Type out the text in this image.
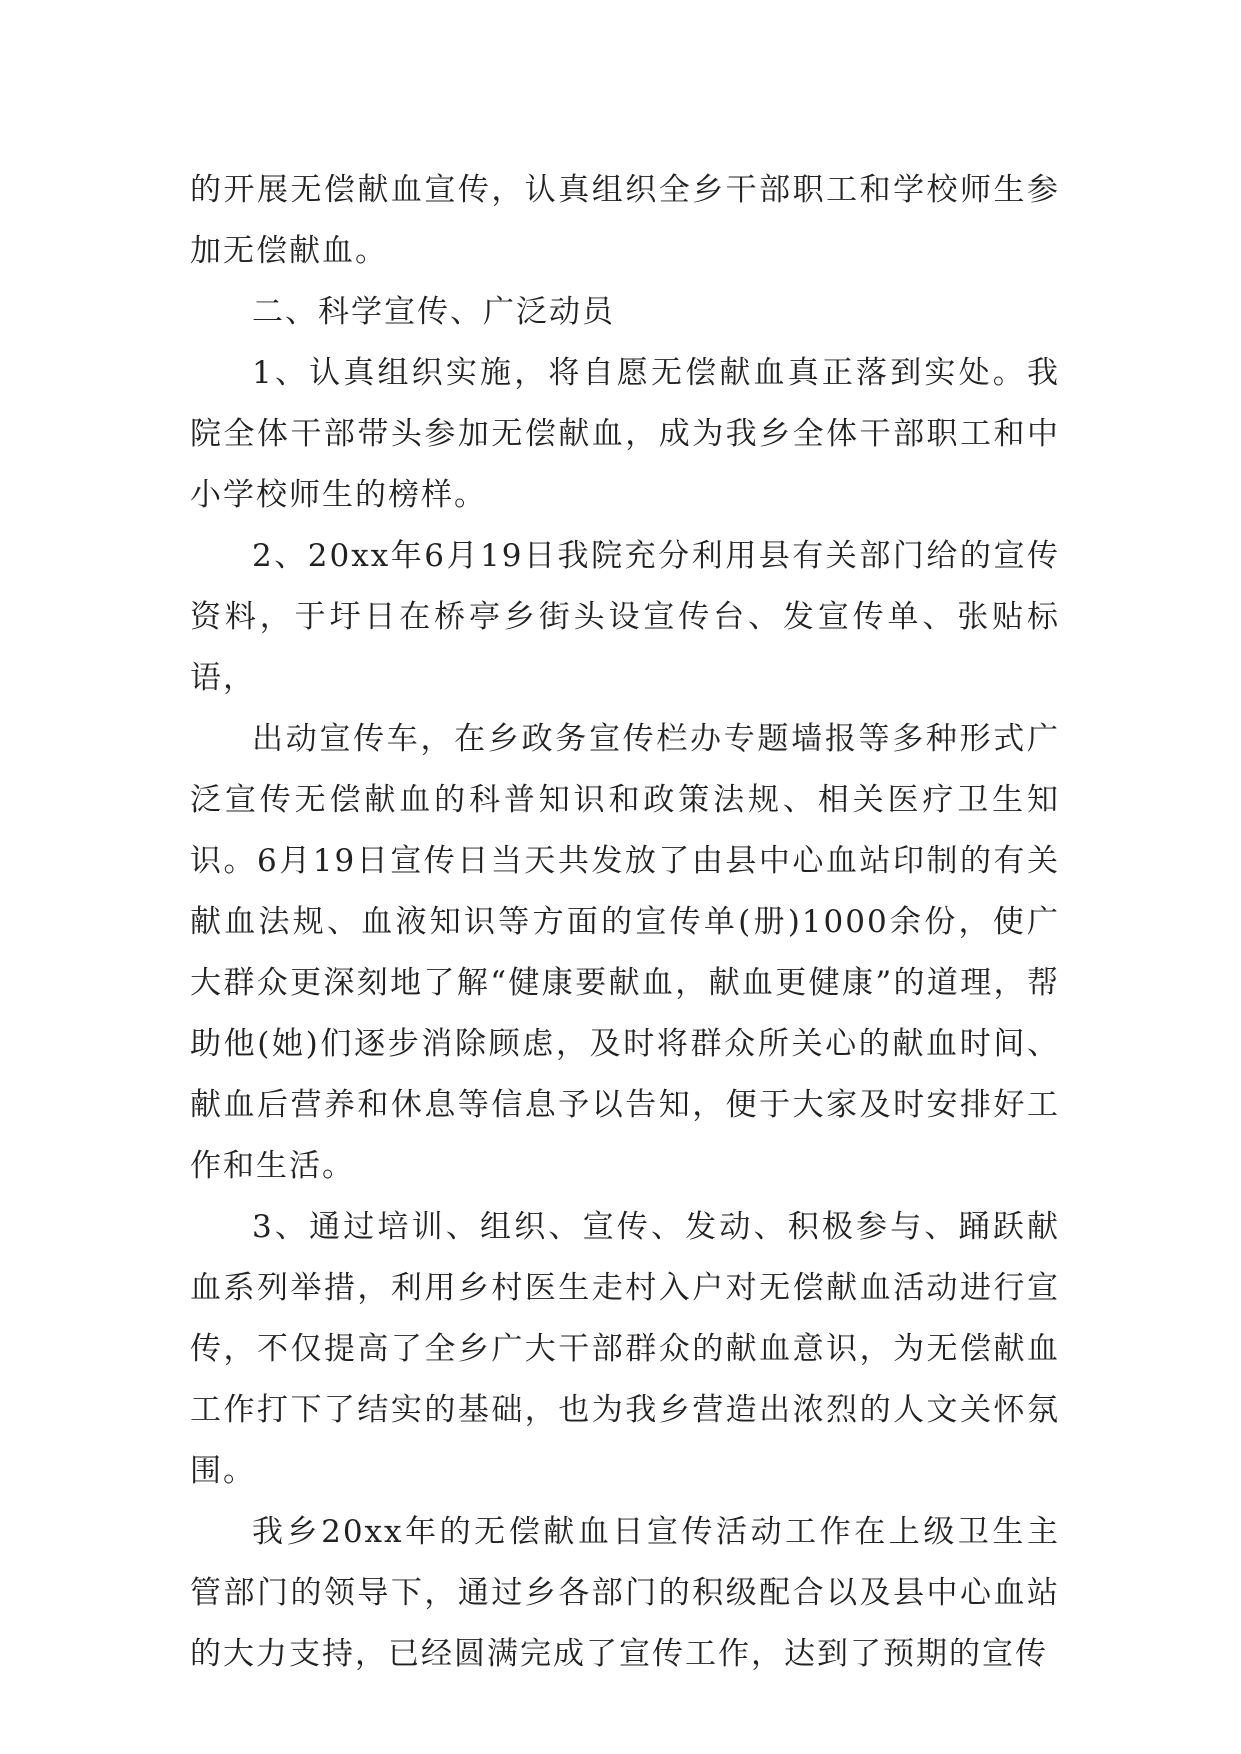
的开展无偿献血宣传，认真组织全乡干部职工和学校师生参加无偿献血。

二、科学宣传、广泛动员

1、认真组织实施，将自愿无偿献血真正落到实处。我院全体干部带头参加无偿献血，成为我乡全体干部职工和中小学校师生的榜样。

2、20xx年6月19日我院充分利用县有关部门给的宣传资料，于圩日在桥亭乡街头设宣传台、发宣传单、张贴标语，

出动宣传车，在乡政务宣传栏办专题墙报等多种形式广泛宣传无偿献血的科普知识和政策法规、相关医疗卫生知识。6月19日宣传日当天共发放了由县中心血站印制的有关献血法规、血液知识等方面的宣传单(册)1000余份，使广大群众更深刻地了解“健康要献血，献血更健康”的道理，帮助他(她)们逐步消除顾虑，及时将群众所关心的献血时间、献血后营养和休息等信息予以告知，便于大家及时安排好工作和生活。

3、通过培训、组织、宣传、发动、积极参与、踊跃献血系列举措，利用乡村医生走村入户对无偿献血活动进行宣传，不仅提高了全乡广大干部群众的献血意识，为无偿献血工作打下了结实的基础，也为我乡营造出浓烈的人文关怀氛围。

我乡20xx年的无偿献血日宣传活动工作在上级卫生主管部门的领导下，通过乡各部门的积级配合以及县中心血站的大力支持，已经圆满完成了宣传工作，达到了预期的宣传
